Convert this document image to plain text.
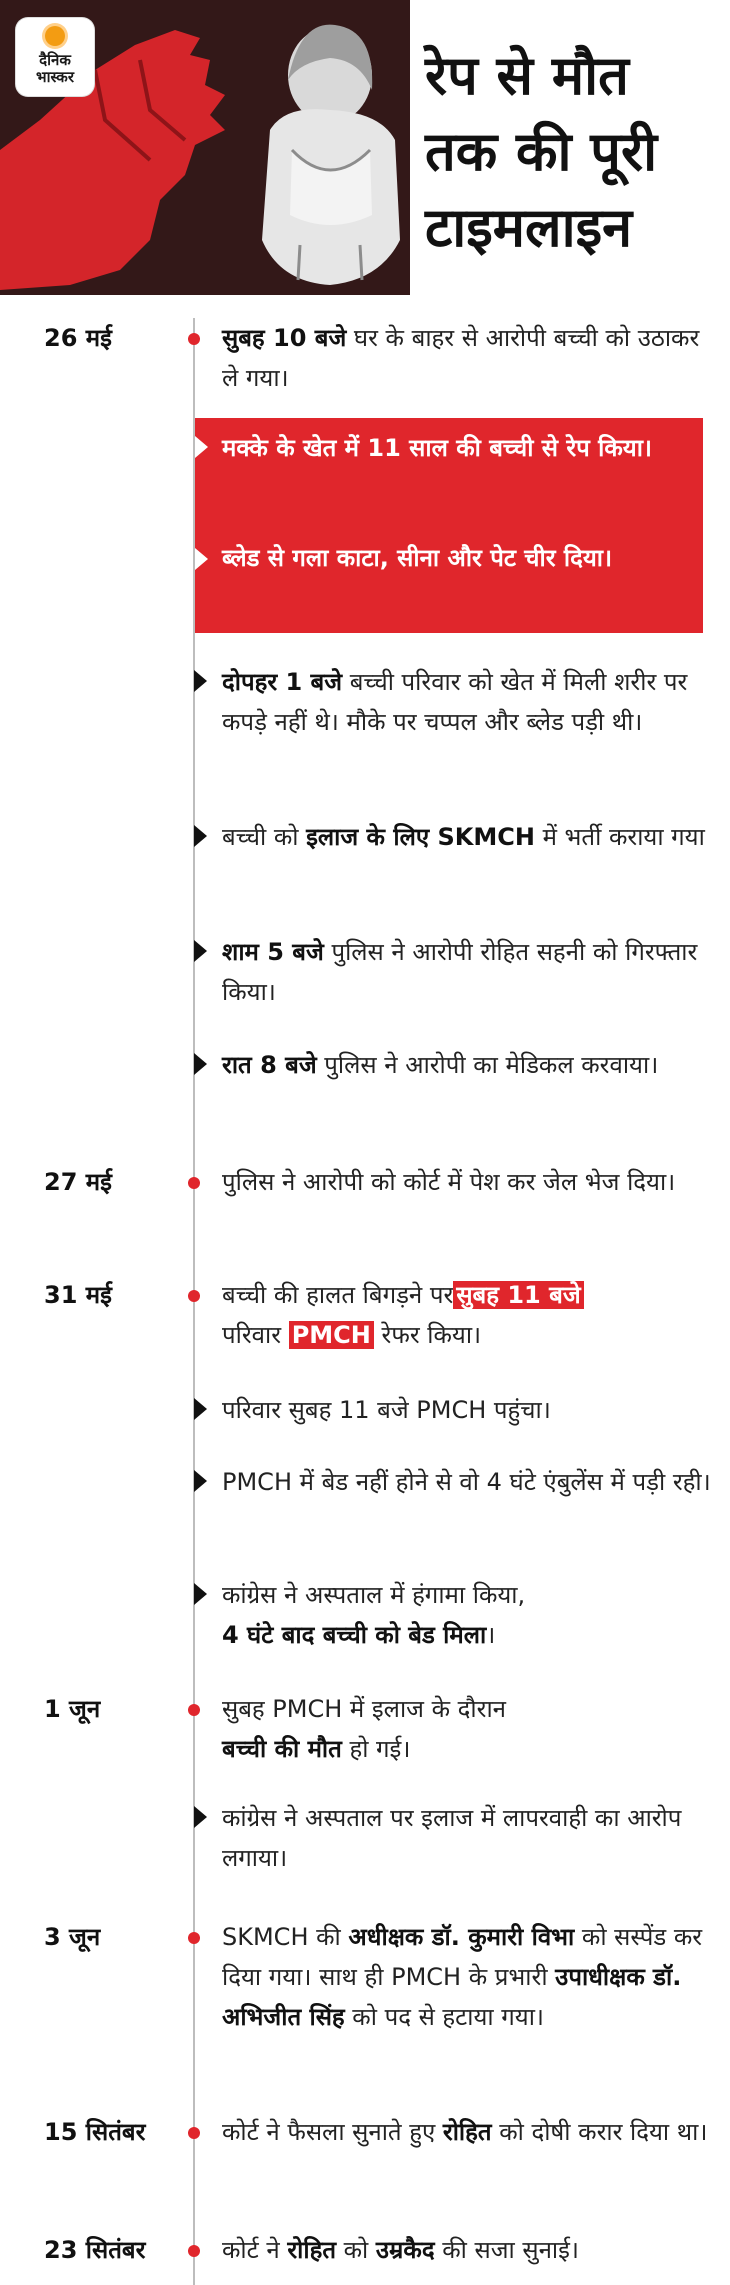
दैनिक
भास्कर	रेप से मौत
तक की पूरी
टाइमलाइन
26 मई	सुबह 10 बजे घर के बाहर से आरोपी बच्ची को उठाकर ले गया।
मक्के के खेत में 11 साल की बच्ची से रेप किया।
ब्लेड से गला काटा, सीना और पेट चीर दिया।
दोपहर 1 बजे बच्ची परिवार को खेत में मिली शरीर पर कपड़े नहीं थे। मौके पर चप्पल और ब्लेड पड़ी थी।
बच्ची को इलाज के लिए SKMCH में भर्ती कराया गया
शाम 5 बजे पुलिस ने आरोपी रोहित सहनी को गिरफ्तार किया।
रात 8 बजे पुलिस ने आरोपी का मेडिकल करवाया।
27 मई	पुलिस ने आरोपी को कोर्ट में पेश कर जेल भेज दिया।
31 मई	बच्ची की हालत बिगड़ने पर सुबह 11 बजे
परिवार PMCH रेफर किया।
परिवार सुबह 11 बजे PMCH पहुंचा।
PMCH में बेड नहीं होने से वो 4 घंटे एंबुलेंस में पड़ी रही।
कांग्रेस ने अस्पताल में हंगामा किया,
4 घंटे बाद बच्ची को बेड मिला।
1 जून	सुबह PMCH में इलाज के दौरान
बच्ची की मौत हो गई।
कांग्रेस ने अस्पताल पर इलाज में लापरवाही का आरोप लगाया।
3 जून	SKMCH की अधीक्षक डॉ. कुमारी विभा को सस्पेंड कर दिया गया। साथ ही PMCH के प्रभारी उपाधीक्षक डॉ. अभिजीत सिंह को पद से हटाया गया।
15 सितंबर	कोर्ट ने फैसला सुनाते हुए रोहित को दोषी करार दिया था।
23 सितंबर	कोर्ट ने रोहित को उम्रकैद की सजा सुनाई।
